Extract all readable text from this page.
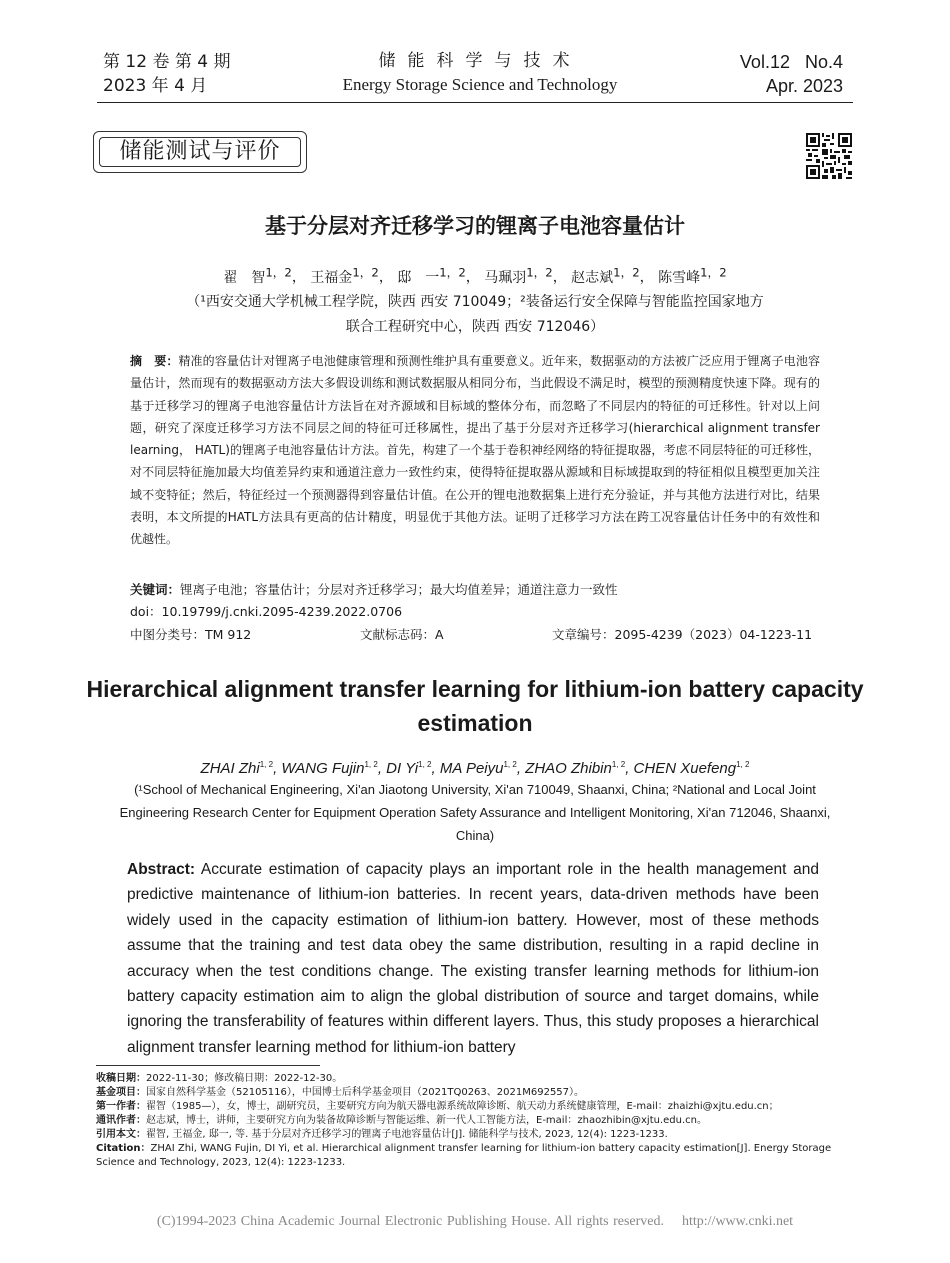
第 12 卷 第 4 期
2023 年 4 月
储能科学与技术
Energy Storage Science and Technology
Vol.12   No.4
Apr. 2023
储能测试与评价
基于分层对齐迁移学习的锂离子电池容量估计
翟　智$^{1,2}$， 王福金$^{1,2}$， 邸　一$^{1,2}$， 马珮羽$^{1,2}$， 赵志斌$^{1,2}$， 陈雪峰$^{1,2}$
（¹西安交通大学机械工程学院，陕西 西安 710049；²装备运行安全保障与智能监控国家地方
联合工程研究中心，陕西 西安 712046）
摘　要：精准的容量估计对锂离子电池健康管理和预测性维护具有重要意义。近年来，数据驱动的方法被广泛应用于锂离子电池容量估计，然而现有的数据驱动方法大多假设训练和测试数据服从相同分布，当此假设不满足时，模型的预测精度快速下降。现有的基于迁移学习的锂离子电池容量估计方法旨在对齐源域和目标域的整体分布，而忽略了不同层内的特征的可迁移性。针对以上问题，研究了深度迁移学习方法不同层之间的特征可迁移属性，提出了基于分层对齐迁移学习(hierarchical alignment transfer learning， HATL)的锂离子电池容量估计方法。首先，构建了一个基于卷积神经网络的特征提取器，考虑不同层特征的可迁移性，对不同层特征施加最大均值差异约束和通道注意力一致性约束，使得特征提取器从源域和目标域提取到的特征相似且模型更加关注域不变特征；然后，特征经过一个预测器得到容量估计值。在公开的锂电池数据集上进行充分验证，并与其他方法进行对比，结果表明，本文所提的HATL方法具有更高的估计精度，明显优于其他方法。证明了迁移学习方法在跨工况容量估计任务中的有效性和优越性。
关键词：锂离子电池；容量估计；分层对齐迁移学习；最大均值差异；通道注意力一致性
doi：10.19799/j.cnki.2095-4239.2022.0706
中图分类号：TM 912	文献标志码：A	文章编号：2095-4239（2023）04-1223-11
Hierarchical alignment transfer learning for lithium-ion battery capacity estimation
ZHAI Zhi$^{1, 2}$, WANG Fujin$^{1, 2}$, DI Yi$^{1, 2}$, MA Peiyu$^{1, 2}$, ZHAO Zhibin$^{1, 2}$, CHEN Xuefeng$^{1, 2}$
(¹School of Mechanical Engineering, Xi'an Jiaotong University, Xi'an 710049, Shaanxi, China; ²National and Local Joint Engineering Research Center for Equipment Operation Safety Assurance and Intelligent Monitoring, Xi'an 712046, Shaanxi, China)
Abstract: Accurate estimation of capacity plays an important role in the health management and predictive maintenance of lithium-ion batteries. In recent years, data-driven methods have been widely used in the capacity estimation of lithium-ion battery. However, most of these methods assume that the training and test data obey the same distribution, resulting in a rapid decline in accuracy when the test conditions change. The existing transfer learning methods for lithium-ion battery capacity estimation aim to align the global distribution of source and target domains, while ignoring the transferability of features within different layers. Thus, this study proposes a hierarchical alignment transfer learning method for lithium-ion battery
收稿日期：2022-11-30；修改稿日期：2022-12-30。
基金项目：国家自然科学基金（52105116），中国博士后科学基金项目（2021TQ0263、2021M692557）。
第一作者：翟智（1985—），女，博士，副研究员，主要研究方向为航天器电源系统故障诊断、航天动力系统健康管理，E-mail：zhaizhi@xjtu.edu.cn；
通讯作者：赵志斌，博士，讲师，主要研究方向为装备故障诊断与智能运维、新一代人工智能方法，E-mail：zhaozhibin@xjtu.edu.cn。
引用本文：翟智, 王福金, 邸一, 等. 基于分层对齐迁移学习的锂离子电池容量估计[J]. 储能科学与技术, 2023, 12(4): 1223-1233.
Citation：ZHAI Zhi, WANG Fujin, DI Yi, et al. Hierarchical alignment transfer learning for lithium-ion battery capacity estimation[J]. Energy Storage Science and Technology, 2023, 12(4): 1223-1233.
(C)1994-2023 China Academic Journal Electronic Publishing House. All rights reserved.    http://www.cnki.net
